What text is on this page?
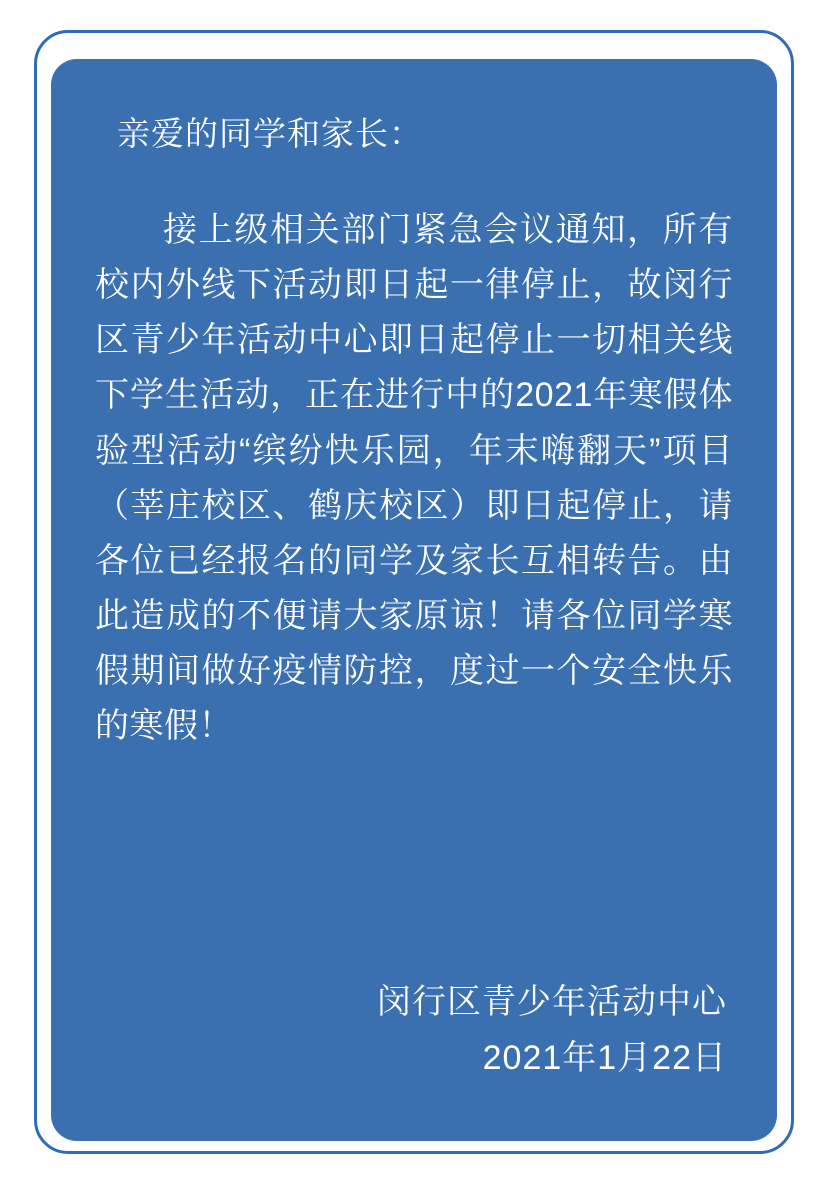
亲爱的同学和家长：

接上级相关部门紧急会议通知，所有校内外线下活动即日起一律停止，故闵行区青少年活动中心即日起停止一切相关线下学生活动，正在进行中的2021年寒假体验型活动“缤纷快乐园，年末嗨翻天”项目（莘庄校区、鹤庆校区）即日起停止，请各位已经报名的同学及家长互相转告。由此造成的不便请大家原谅！请各位同学寒假期间做好疫情防控，度过一个安全快乐的寒假！

闵行区青少年活动中心

2021年1月22日
